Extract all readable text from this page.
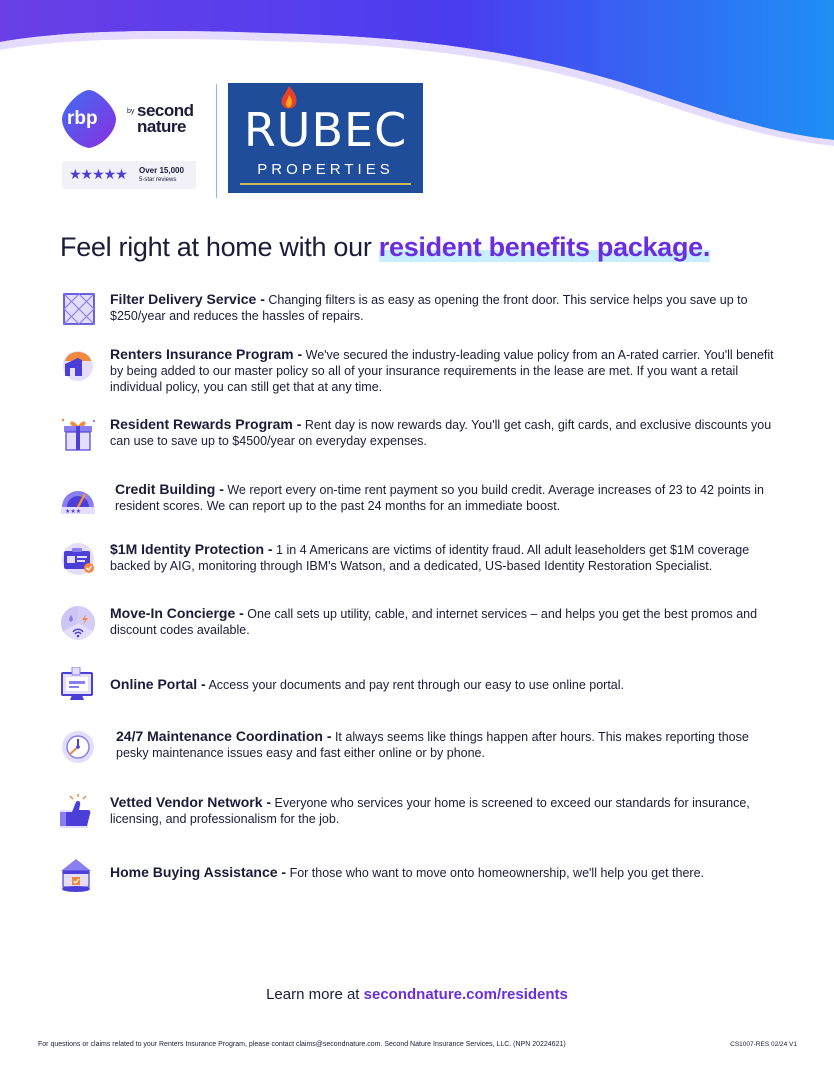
rbp	by second
nature
★★★★★ Over 15,000
5-star reviews
RUBEC
PROPERTIES
Feel right at home with our resident benefits package.
Filter Delivery Service - Changing filters is as easy as opening the front door. This service helps you save up to $250/year and reduces the hassles of repairs.
Renters Insurance Program - We've secured the industry-leading value policy from an A-rated carrier. You'll benefit by being added to our master policy so all of your insurance requirements in the lease are met. If you want a retail individual policy, you can still get that at any time.
Resident Rewards Program - Rent day is now rewards day. You'll get cash, gift cards, and exclusive discounts you can use to save up to $4500/year on everyday expenses.
★★★
Credit Building - We report every on-time rent payment so you build credit. Average increases of 23 to 42 points in resident scores. We can report up to the past 24 months for an immediate boost.
$1M Identity Protection - 1 in 4 Americans are victims of identity fraud. All adult leaseholders get $1M coverage backed by AIG, monitoring through IBM's Watson, and a dedicated, US-based Identity Restoration Specialist.
Move-In Concierge - One call sets up utility, cable, and internet services – and helps you get the best promos and discount codes available.
Online Portal - Access your documents and pay rent through our easy to use online portal.
24/7 Maintenance Coordination - It always seems like things happen after hours. This makes reporting those pesky maintenance issues easy and fast either online or by phone.
Vetted Vendor Network - Everyone who services your home is screened to exceed our standards for insurance, licensing, and professionalism for the job.
Home Buying Assistance - For those who want to move onto homeownership, we'll help you get there.
Learn more at secondnature.com/residents
For questions or claims related to your Renters Insurance Program, please contact claims@secondnature.com. Second Nature Insurance Services, LLC. (NPN 20224621)	CS1007-RES 02/24 V1
